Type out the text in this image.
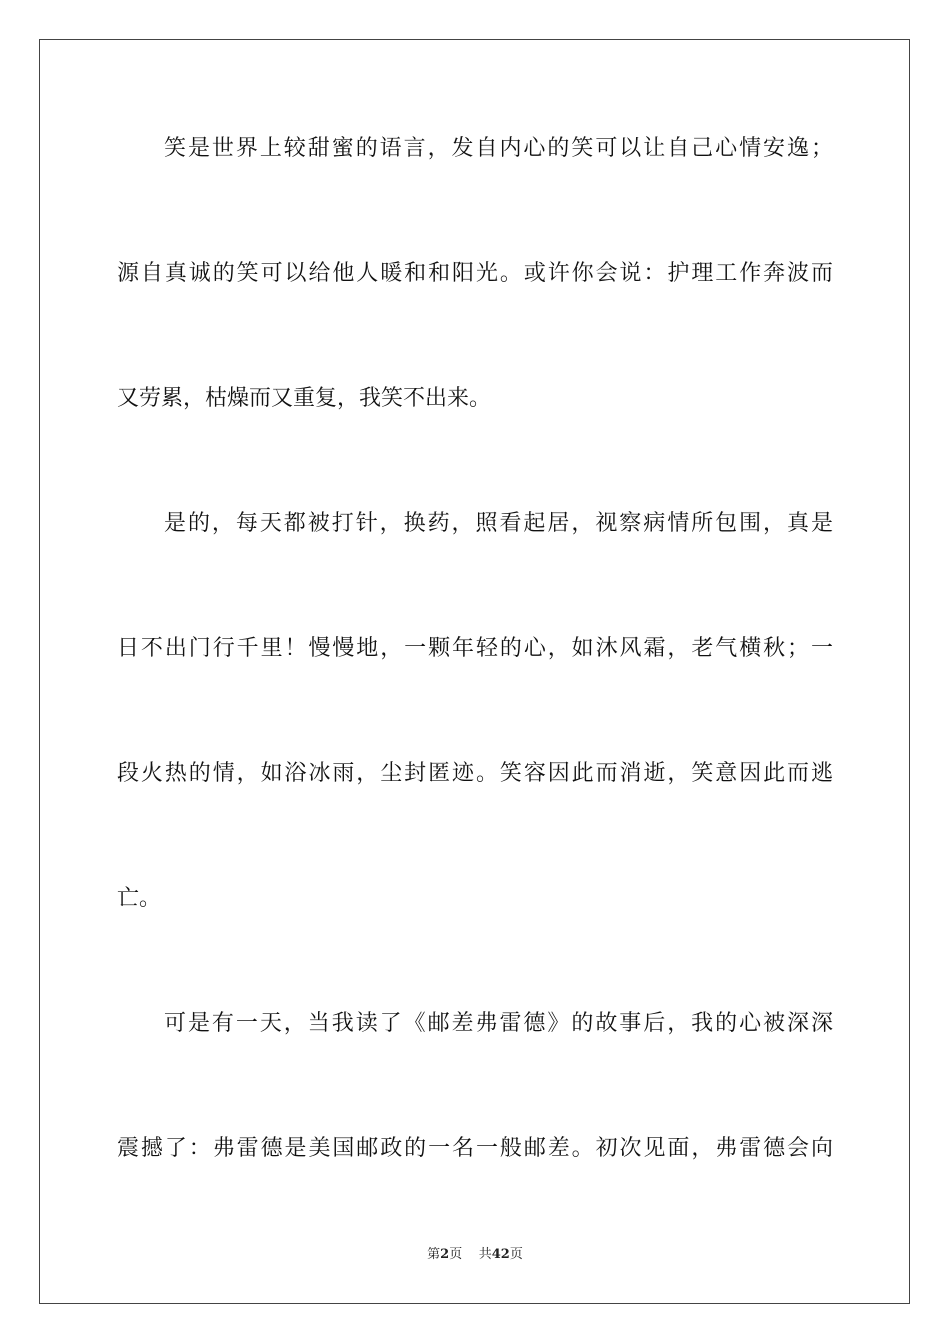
笑是世界上较甜蜜的语言，发自内心的笑可以让自己心情安逸；
源自真诚的笑可以给他人暖和和阳光。或许你会说：护理工作奔波而
又劳累，枯燥而又重复，我笑不出来。
是的，每天都被打针，换药，照看起居，视察病情所包围，真是
日不出门行千里！慢慢地，一颗年轻的心，如沐风霜，老气横秋；一
段火热的情，如浴冰雨，尘封匿迹。笑容因此而消逝，笑意因此而逃
亡。
可是有一天，当我读了《邮差弗雷德》的故事后，我的心被深深
震撼了：弗雷德是美国邮政的一名一般邮差。初次见面，弗雷德会向
第2页 共42页
